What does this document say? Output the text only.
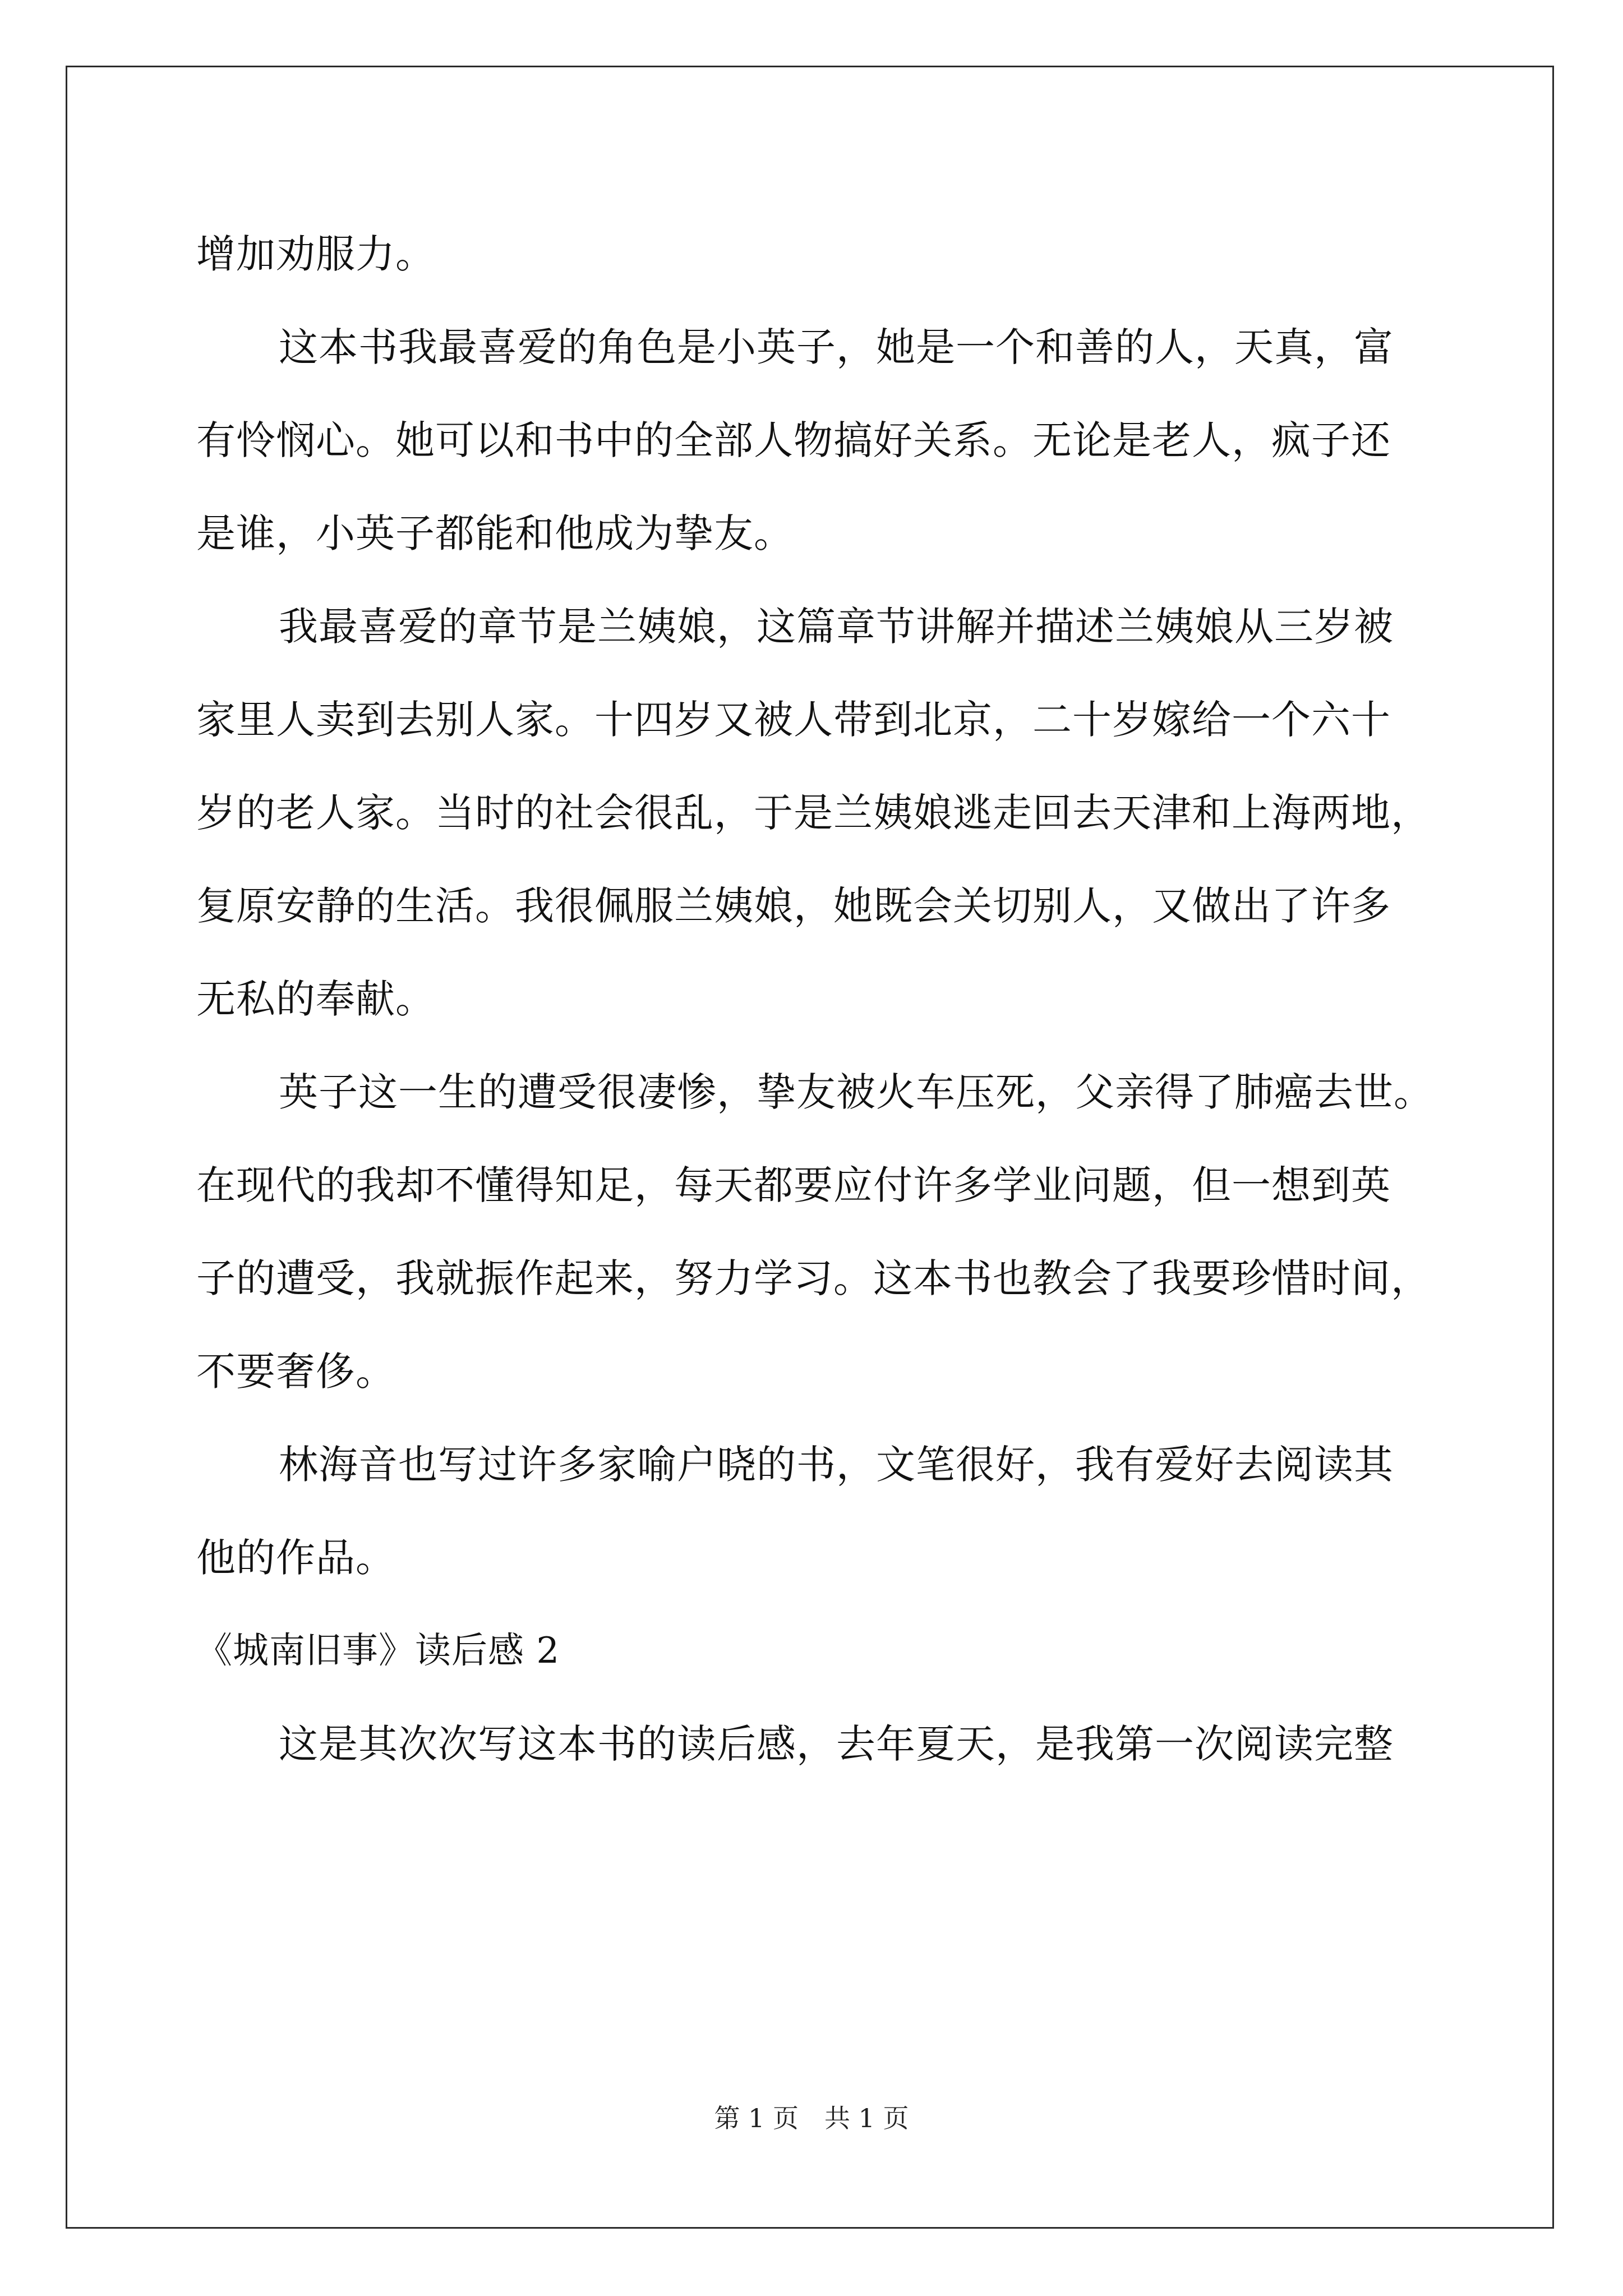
增加劝服力。
这本书我最喜爱的角色是小英子，她是一个和善的人，天真，富
有怜悯心。她可以和书中的全部人物搞好关系。无论是老人，疯子还
是谁，小英子都能和他成为挚友。
我最喜爱的章节是兰姨娘，这篇章节讲解并描述兰姨娘从三岁被
家里人卖到去别人家。十四岁又被人带到北京，二十岁嫁给一个六十
岁的老人家。当时的社会很乱，于是兰姨娘逃走回去天津和上海两地，
复原安静的生活。我很佩服兰姨娘，她既会关切别人，又做出了许多
无私的奉献。
英子这一生的遭受很凄惨，挚友被火车压死，父亲得了肺癌去世。
在现代的我却不懂得知足，每天都要应付许多学业问题，但一想到英
子的遭受，我就振作起来，努力学习。这本书也教会了我要珍惜时间，
不要奢侈。
林海音也写过许多家喻户晓的书，文笔很好，我有爱好去阅读其
他的作品。
《城南旧事》读后感 2
这是其次次写这本书的读后感，去年夏天，是我第一次阅读完整
第 1 页　共 1 页
